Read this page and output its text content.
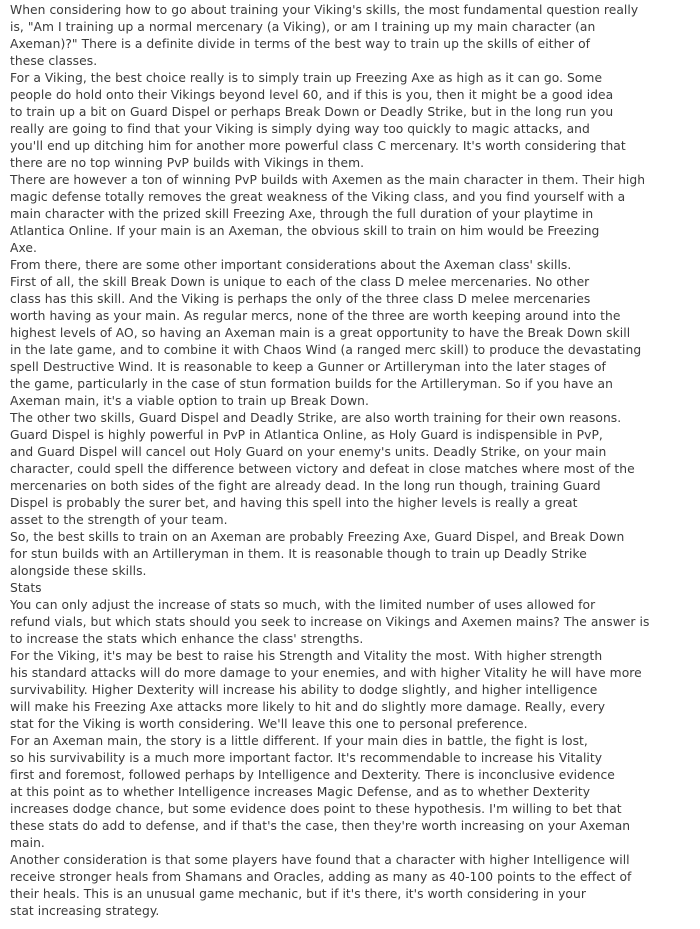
When considering how to go about training your Viking's skills, the most fundamental question really
is, "Am I training up a normal mercenary (a Viking), or am I training up my main character (an
Axeman)?" There is a definite divide in terms of the best way to train up the skills of either of
these classes.
For a Viking, the best choice really is to simply train up Freezing Axe as high as it can go. Some
people do hold onto their Vikings beyond level 60, and if this is you, then it might be a good idea
to train up a bit on Guard Dispel or perhaps Break Down or Deadly Strike, but in the long run you
really are going to find that your Viking is simply dying way too quickly to magic attacks, and
you'll end up ditching him for another more powerful class C mercenary. It's worth considering that
there are no top winning PvP builds with Vikings in them.
There are however a ton of winning PvP builds with Axemen as the main character in them. Their high
magic defense totally removes the great weakness of the Viking class, and you find yourself with a
main character with the prized skill Freezing Axe, through the full duration of your playtime in
Atlantica Online. If your main is an Axeman, the obvious skill to train on him would be Freezing
Axe.
From there, there are some other important considerations about the Axeman class' skills.
First of all, the skill Break Down is unique to each of the class D melee mercenaries. No other
class has this skill. And the Viking is perhaps the only of the three class D melee mercenaries
worth having as your main. As regular mercs, none of the three are worth keeping around into the
highest levels of AO, so having an Axeman main is a great opportunity to have the Break Down skill
in the late game, and to combine it with Chaos Wind (a ranged merc skill) to produce the devastating
spell Destructive Wind. It is reasonable to keep a Gunner or Artilleryman into the later stages of
the game, particularly in the case of stun formation builds for the Artilleryman. So if you have an
Axeman main, it's a viable option to train up Break Down.
The other two skills, Guard Dispel and Deadly Strike, are also worth training for their own reasons.
Guard Dispel is highly powerful in PvP in Atlantica Online, as Holy Guard is indispensible in PvP,
and Guard Dispel will cancel out Holy Guard on your enemy's units. Deadly Strike, on your main
character, could spell the difference between victory and defeat in close matches where most of the
mercenaries on both sides of the fight are already dead. In the long run though, training Guard
Dispel is probably the surer bet, and having this spell into the higher levels is really a great
asset to the strength of your team.
So, the best skills to train on an Axeman are probably Freezing Axe, Guard Dispel, and Break Down
for stun builds with an Artilleryman in them. It is reasonable though to train up Deadly Strike
alongside these skills.
Stats
You can only adjust the increase of stats so much, with the limited number of uses allowed for
refund vials, but which stats should you seek to increase on Vikings and Axemen mains? The answer is
to increase the stats which enhance the class' strengths.
For the Viking, it's may be best to raise his Strength and Vitality the most. With higher strength
his standard attacks will do more damage to your enemies, and with higher Vitality he will have more
survivability. Higher Dexterity will increase his ability to dodge slightly, and higher intelligence
will make his Freezing Axe attacks more likely to hit and do slightly more damage. Really, every
stat for the Viking is worth considering. We'll leave this one to personal preference.
For an Axeman main, the story is a little different. If your main dies in battle, the fight is lost,
so his survivability is a much more important factor. It's recommendable to increase his Vitality
first and foremost, followed perhaps by Intelligence and Dexterity. There is inconclusive evidence
at this point as to whether Intelligence increases Magic Defense, and as to whether Dexterity
increases dodge chance, but some evidence does point to these hypothesis. I'm willing to bet that
these stats do add to defense, and if that's the case, then they're worth increasing on your Axeman
main.
Another consideration is that some players have found that a character with higher Intelligence will
receive stronger heals from Shamans and Oracles, adding as many as 40-100 points to the effect of
their heals. This is an unusual game mechanic, but if it's there, it's worth considering in your
stat increasing strategy.
